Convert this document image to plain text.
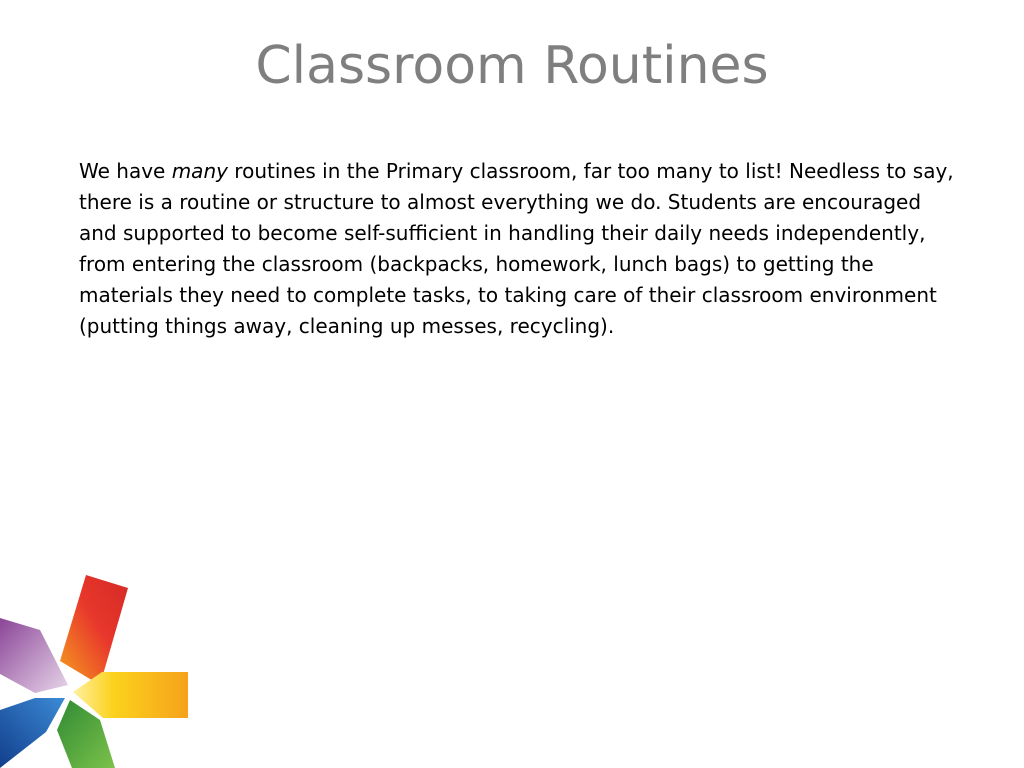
Classroom Routines

We have many routines in the Primary classroom, far too many to list! Needless to say, there is a routine or structure to almost everything we do. Students are encouraged and supported to become self-sufficient in handling their daily needs independently, from entering the classroom (backpacks, homework, lunch bags) to getting the materials they need to complete tasks, to taking care of their classroom environment (putting things away, cleaning up messes, recycling).
